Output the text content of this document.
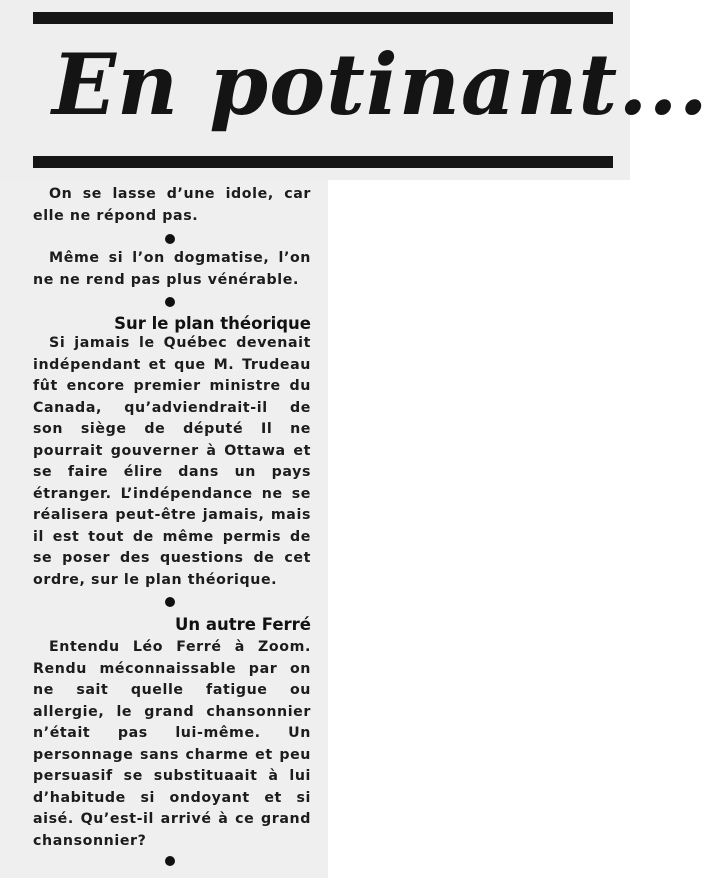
En potinant...

On se lasse d’une idole, car elle ne répond pas.

Même si l’on dogmatise, l’on ne ne rend pas plus vénérable.

Sur le plan théorique

Si jamais le Québec devenait indépendant et que M. Trudeau fût encore premier ministre du Canada, qu’adviendrait-il de son siège de député Il ne pourrait gouverner à Ottawa et se faire élire dans un pays étranger. L’indépendance ne se réalisera peut-être jamais, mais il est tout de même permis de se poser des questions de cet ordre, sur le plan théorique.

Un autre Ferré

Entendu Léo Ferré à Zoom. Rendu méconnaissable par on ne sait quelle fatigue ou allergie, le grand chansonnier n’était pas lui-même. Un personnage sans charme et peu persuasif se substituaait à lui d’habitude si ondoyant et si aisé. Qu’est-il arrivé à ce grand chansonnier?
